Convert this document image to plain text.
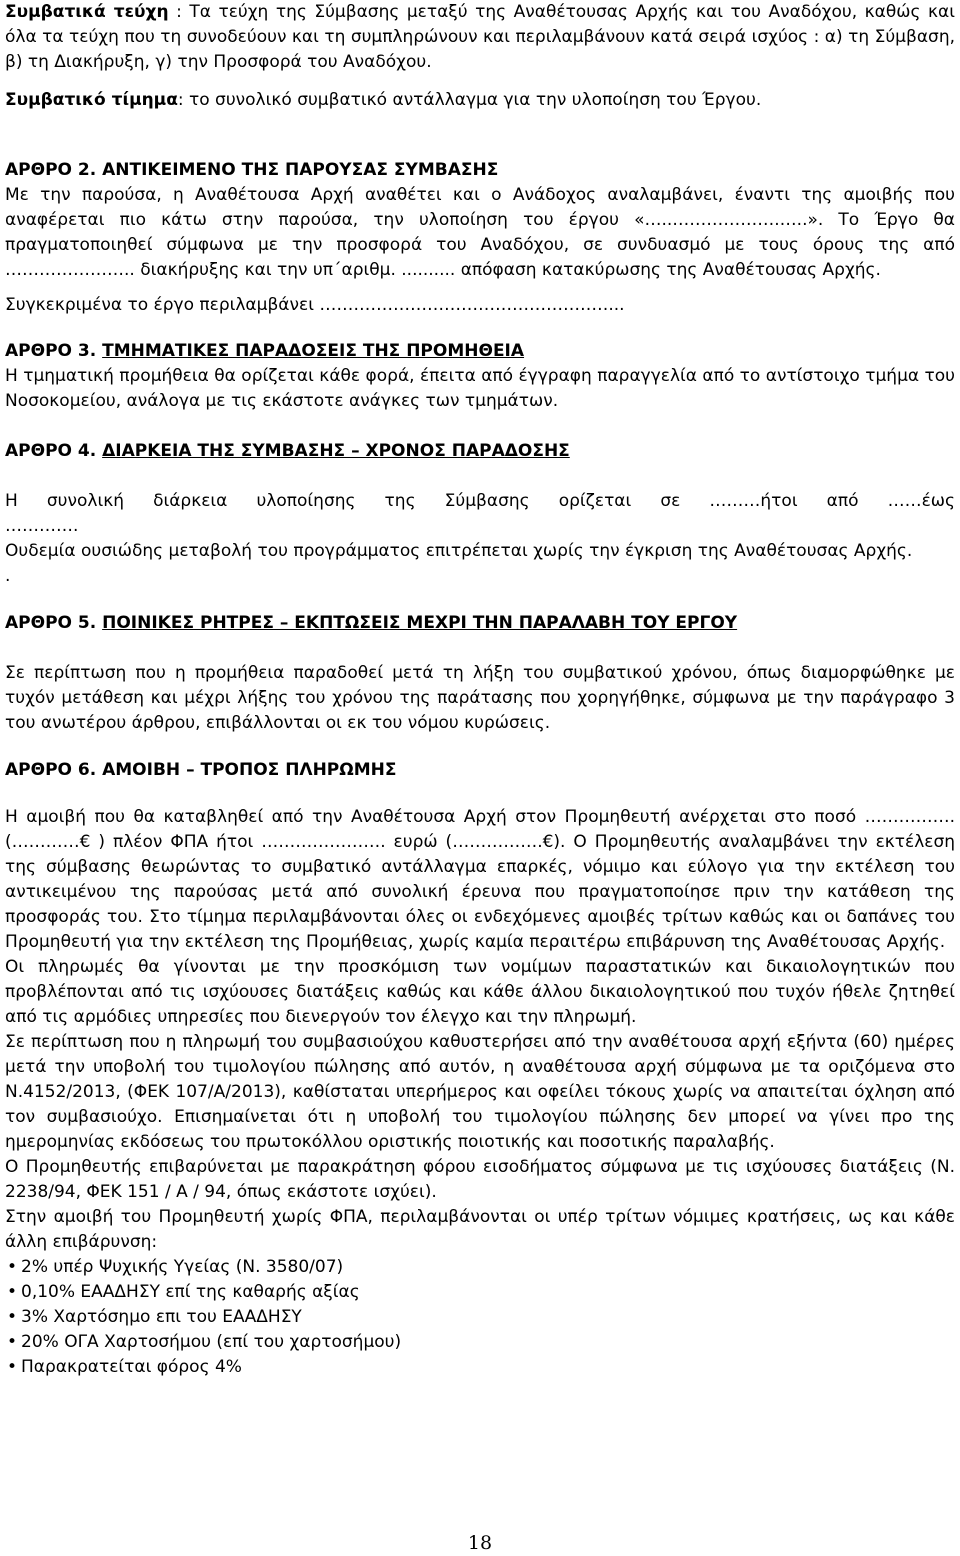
Συμβατικά τεύχη : Τα τεύχη της Σύμβασης μεταξύ της Αναθέτουσας Αρχής και του Αναδόχου, καθώς και όλα τα τεύχη που τη συνοδεύουν και τη συμπληρώνουν και περιλαμβάνουν κατά σειρά ισχύος : α) τη Σύμβαση, β) τη Διακήρυξη, γ) την Προσφορά του Αναδόχου.

Συμβατικό τίμημα: το συνολικό συμβατικό αντάλλαγμα για την υλοποίηση του Έργου.

ΑΡΘΡΟ 2. ΑΝΤΙΚΕΙΜΕΝΟ ΤΗΣ ΠΑΡΟΥΣΑΣ ΣΥΜΒΑΣΗΣ

Με την παρούσα, η Αναθέτουσα Αρχή αναθέτει και ο Ανάδοχος αναλαμβάνει, έναντι της αμοιβής που αναφέρεται πιο κάτω στην παρούσα, την υλοποίηση του έργου «…..……………….…..». Το Έργο θα πραγματοποιηθεί σύμφωνα με την προσφορά του Αναδόχου, σε συνδυασμό με τους όρους της από ………………….. διακήρυξης και την υπ΄αριθμ. .......... απόφαση κατακύρωσης της Αναθέτουσας Αρχής.

Συγκεκριμένα το έργο περιλαμβάνει ……………………………………………...

ΑΡΘΡΟ 3. ΤΜΗΜΑΤΙΚΕΣ ΠΑΡΑΔΟΣΕΙΣ ΤΗΣ ΠΡΟΜΗΘΕΙΑ

Η τμηματική προμήθεια θα ορίζεται κάθε φορά, έπειτα από έγγραφη παραγγελία από το αντίστοιχο τμήμα του Νοσοκομείου, ανάλογα με τις εκάστοτε ανάγκες των τμημάτων.

ΑΡΘΡΟ 4. ΔΙΑΡΚΕΙΑ ΤΗΣ ΣΥΜΒΑΣΗΣ – ΧΡΟΝΟΣ ΠΑΡΑΔΟΣΗΣ

Η συνολική διάρκεια υλοποίησης της Σύμβασης ορίζεται σε ………ήτοι από ……έως

………….

Ουδεμία ουσιώδης μεταβολή του προγράμματος επιτρέπεται χωρίς την έγκριση της Αναθέτουσας Αρχής.

.

ΑΡΘΡΟ 5. ΠΟΙΝΙΚΕΣ ΡΗΤΡΕΣ – ΕΚΠΤΩΣΕΙΣ ΜΕΧΡΙ ΤΗΝ ΠΑΡΑΛΑΒΗ ΤΟΥ ΕΡΓΟΥ

Σε περίπτωση που η προμήθεια παραδοθεί μετά τη λήξη του συμβατικού χρόνου, όπως διαμορφώθηκε με τυχόν μετάθεση και μέχρι λήξης του χρόνου της παράτασης που χορηγήθηκε, σύμφωνα με την παράγραφο 3 του ανωτέρου άρθρου, επιβάλλονται οι εκ του νόμου κυρώσεις.

ΑΡΘΡΟ 6. ΑΜΟΙΒΗ – ΤΡΟΠΟΣ ΠΛΗΡΩΜΗΣ

Η αμοιβή που θα καταβληθεί από την Αναθέτουσα Αρχή στον Προμηθευτή ανέρχεται στο ποσό ……………. (…………€ ) πλέον ΦΠΑ ήτοι …………………. ευρώ (…………….€). Ο Προμηθευτής αναλαμβάνει την εκτέλεση της σύμβασης θεωρώντας το συμβατικό αντάλλαγμα επαρκές, νόμιμο και εύλογο για την εκτέλεση του αντικειμένου της παρούσας μετά από συνολική έρευνα που πραγματοποίησε πριν την κατάθεση της προσφοράς του. Στο τίμημα περιλαμβάνονται όλες οι ενδεχόμενες αμοιβές τρίτων καθώς και οι δαπάνες του Προμηθευτή για την εκτέλεση της Προμήθειας, χωρίς καμία περαιτέρω επιβάρυνση της Αναθέτουσας Αρχής.

Οι πληρωμές θα γίνονται με την προσκόμιση των νομίμων παραστατικών και δικαιολογητικών που προβλέπονται από τις ισχύουσες διατάξεις καθώς και κάθε άλλου δικαιολογητικού που τυχόν ήθελε ζητηθεί από τις αρμόδιες υπηρεσίες που διενεργούν τον έλεγχο και την πληρωμή.

Σε περίπτωση που η πληρωμή του συμβασιούχου καθυστερήσει από την αναθέτουσα αρχή εξήντα (60) ημέρες μετά την υποβολή του τιμολογίου πώλησης από αυτόν, η αναθέτουσα αρχή σύμφωνα με τα οριζόμενα στο Ν.4152/2013, (ΦΕΚ 107/Α/2013), καθίσταται υπερήμερος και οφείλει τόκους χωρίς να απαιτείται όχληση από τον συμβασιούχο. Επισημαίνεται ότι η υποβολή του τιμολογίου πώλησης δεν μπορεί να γίνει προ της ημερομηνίας εκδόσεως του πρωτοκόλλου οριστικής ποιοτικής και ποσοτικής παραλαβής.

Ο Προμηθευτής επιβαρύνεται με παρακράτηση φόρου εισοδήματος σύμφωνα με τις ισχύουσες διατάξεις (Ν. 2238/94, ΦΕΚ 151 / Α / 94, όπως εκάστοτε ισχύει).

Στην αμοιβή του Προμηθευτή χωρίς ΦΠΑ, περιλαμβάνονται οι υπέρ τρίτων νόμιμες κρατήσεις, ως και κάθε άλλη επιβάρυνση:

• 2% υπέρ Ψυχικής Υγείας (Ν. 3580/07)
• 0,10% ΕΑΑΔΗΣΥ επί της καθαρής αξίας
• 3% Χαρτόσημο επι του ΕΑΑΔΗΣΥ
• 20% ΟΓΑ Χαρτοσήμου (επί του χαρτοσήμου)
• Παρακρατείται φόρος 4%
18
